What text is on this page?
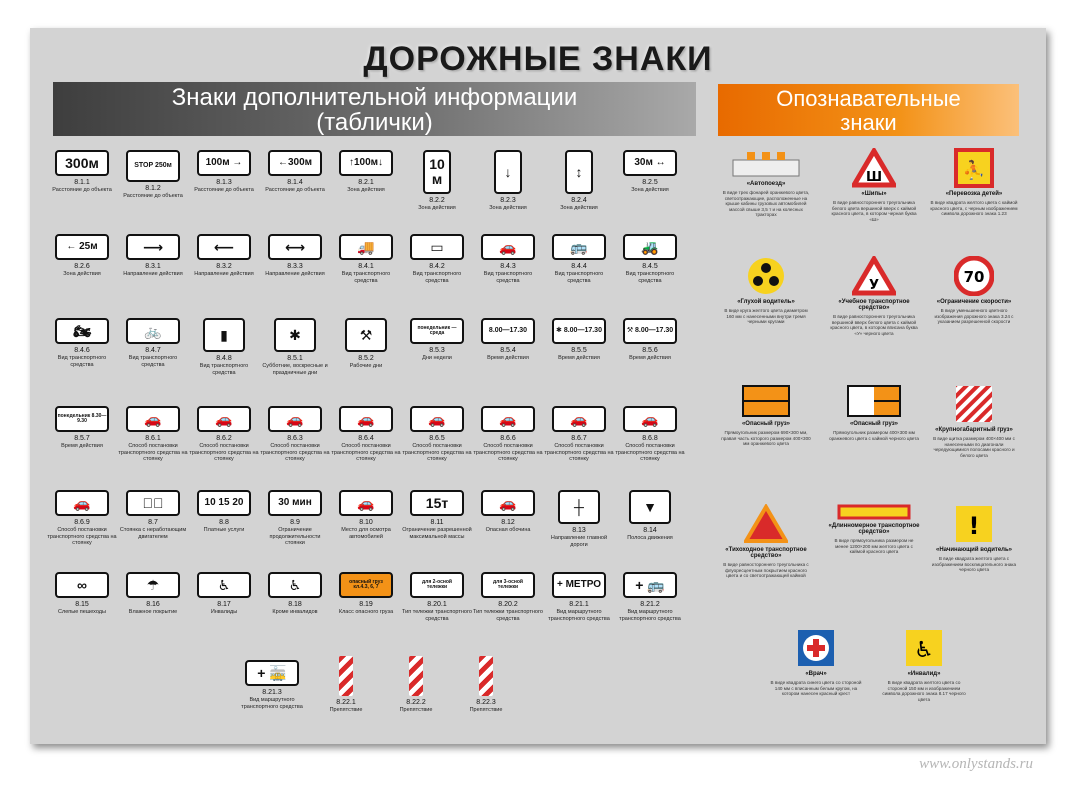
ДОРОЖНЫЕ ЗНАКИ
Знаки дополнительной информации
(таблички)
Опознавательные
знаки
300м
8.1.1
Расстояние до объекта
STOP 250м
8.1.2
Расстояние до объекта
100м →
8.1.3
Расстояние до объекта
←300м
8.1.4
Расстояние до объекта
↑100м↓
8.2.1
Зона действия
10 м
8.2.2
Зона действия
↓
8.2.3
Зона действия
↕
8.2.4
Зона действия
30м ↔
8.2.5
Зона действия
← 25м
8.2.6
Зона действия
⟶
8.3.1
Направление действия
⟵
8.3.2
Направление действия
⟷
8.3.3
Направление действия
🚚
8.4.1
Вид транспортного средства
▭
8.4.2
Вид транспортного средства
🚗
8.4.3
Вид транспортного средства
🚌
8.4.4
Вид транспортного средства
🚜
8.4.5
Вид транспортного средства
🏍
8.4.6
Вид транспортного средства
🚲
8.4.7
Вид транспортного средства
▮
8.4.8
Вид транспортного средства
✱
8.5.1
Субботние, воскресные и праздничные дни
⚒
8.5.2
Рабочие дни
понедельник — среда
8.5.3
Дни недели
8.00—17.30
8.5.4
Время действия
✱ 8.00—17.30
8.5.5
Время действия
⚒ 8.00—17.30
8.5.6
Время действия
понедельник 8.30—9.30
8.5.7
Время действия
🚗
8.6.1
Способ постановки транспортного средства на стоянку
🚗
8.6.2
Способ постановки транспортного средства на стоянку
🚗
8.6.3
Способ постановки транспортного средства на стоянку
🚗
8.6.4
Способ постановки транспортного средства на стоянку
🚗
8.6.5
Способ постановки транспортного средства на стоянку
🚗
8.6.6
Способ постановки транспортного средства на стоянку
🚗
8.6.7
Способ постановки транспортного средства на стоянку
🚗
8.6.8
Способ постановки транспортного средства на стоянку
🚗
8.6.9
Способ постановки транспортного средства на стоянку
🚗⃠
8.7
Стоянка с неработающим двигателем
10 15 20
8.8
Платные услуги
30 мин
8.9
Ограничение продолжительности стоянки
🚗
8.10
Место для осмотра автомобилей
15т
8.11
Ограничение разрешенной максимальной массы
🚗
8.12
Опасная обочина
┼
8.13
Направление главной дороги
▼
8.14
Полоса движения
∞
8.15
Слепые пешеходы
☂
8.16
Влажное покрытие
♿
8.17
Инвалиды
♿
8.18
Кроме инвалидов
опасный груз кл.4.3, 6, 7
8.19
Класс опасного груза
для 2-осной тележки
8.20.1
Тип тележки транспортного средства
для 3-осной тележки
8.20.2
Тип тележки транспортного средства
+ МЕТРО
8.21.1
Вид маршрутного транспортного средства
+ 🚌
8.21.2
Вид маршрутного транспортного средства
+ 🚋
8.21.3
Вид маршрутного транспортного средства
8.22.1
Препятствие
8.22.2
Препятствие
8.22.3
Препятствие
«Автопоезд»
В виде трех фонарей оранжевого цвета, светоотражающие, расположенные на крыше кабины грузовых автомобилей массой свыше 3,5 т и на колесных тракторах
Ш
«Шипы»
В виде равностороннего треугольника белого цвета вершиной вверх с каймой красного цвета, в котором черная буква «Ш»
⛹
«Перевозка детей»
В виде квадрата желтого цвета с каймой красного цвета, с черным изображением символа дорожного знака 1.23
«Глухой водитель»
В виде круга желтого цвета диаметром 160 мм с нанесенными внутри тремя черными кругами
У
«Учебное транспортное средство»
В виде равностороннего треугольника вершиной вверх белого цвета с каймой красного цвета, в котором вписана буква «У» черного цвета
70
«Ограничение скорости»
В виде уменьшенного цветного изображения дорожного знака 3.24 с указанием разрешенной скорости
«Опасный груз»
Прямоугольник размером 690×300 мм, правая часть которого размером 400×300 мм оранжевого цвета
«Опасный груз»
Прямоугольник размером 400×300 мм оранжевого цвета с каймой черного цвета
«Крупногабаритный груз»
В виде щитка размером 400×400 мм с нанесенными по диагонали чередующимися полосами красного и белого цвета
«Тихоходное транспортное средство»
В виде равностороннего треугольника с флуоресцентным покрытием красного цвета и со светоотражающей каймой
«Длинномерное транспортное средство»
В виде прямоугольника размером не менее 1200×200 мм желтого цвета с каймой красного цвета
!
«Начинающий водитель»
В виде квадрата желтого цвета с изображением восклицательного знака черного цвета
«Врач»
В виде квадрата синего цвета со стороной 140 мм с вписанным белым кругом, на котором нанесен красный крест
♿
«Инвалид»
В виде квадрата желтого цвета со стороной 150 мм и изображением символа дорожного знака 8.17 черного цвета
www.onlystands.ru
